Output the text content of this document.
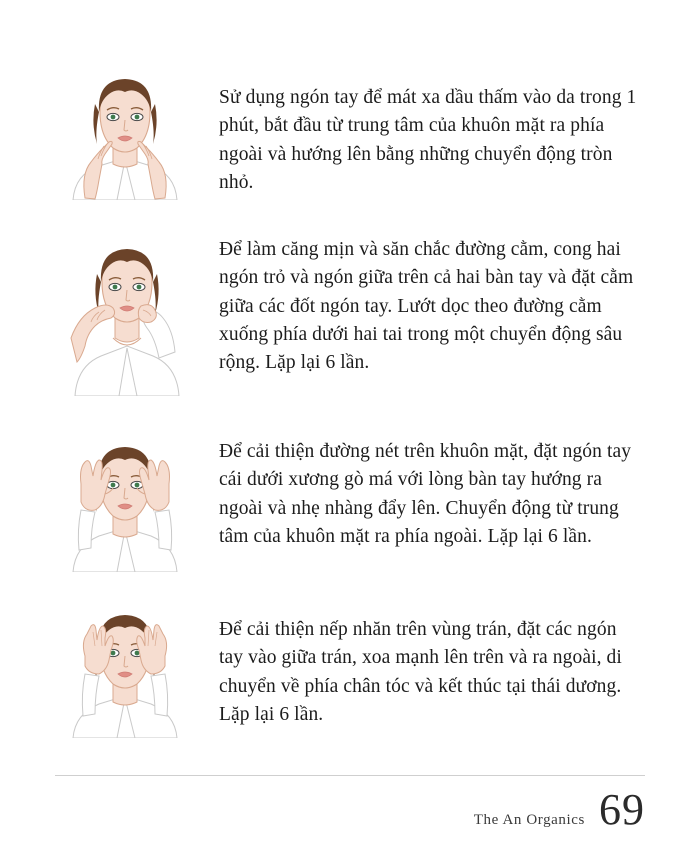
Sử dụng ngón tay để mát xa dầu thấm vào da trong 1 phút, bắt đầu từ trung tâm của khuôn mặt ra phía ngoài và hướng lên bằng những chuyển động tròn nhỏ.
Để làm căng mịn và săn chắc đường cằm, cong hai ngón trỏ và ngón giữa trên cả hai bàn tay và đặt cằm giữa các đốt ngón tay. Lướt dọc theo đường cằm xuống phía dưới hai tai trong một chuyển động sâu rộng. Lặp lại 6 lần.
Để cải thiện đường nét trên khuôn mặt, đặt ngón tay cái dưới xương gò má với lòng bàn tay hướng ra ngoài và nhẹ nhàng đẩy lên. Chuyển động từ trung tâm của khuôn mặt ra phía ngoài. Lặp lại 6 lần.
Để cải thiện nếp nhăn trên vùng trán, đặt các ngón tay vào giữa trán, xoa mạnh lên trên và ra ngoài, di chuyển về phía chân tóc và kết thúc tại thái dương. Lặp lại 6 lần.
The An Organics 69
